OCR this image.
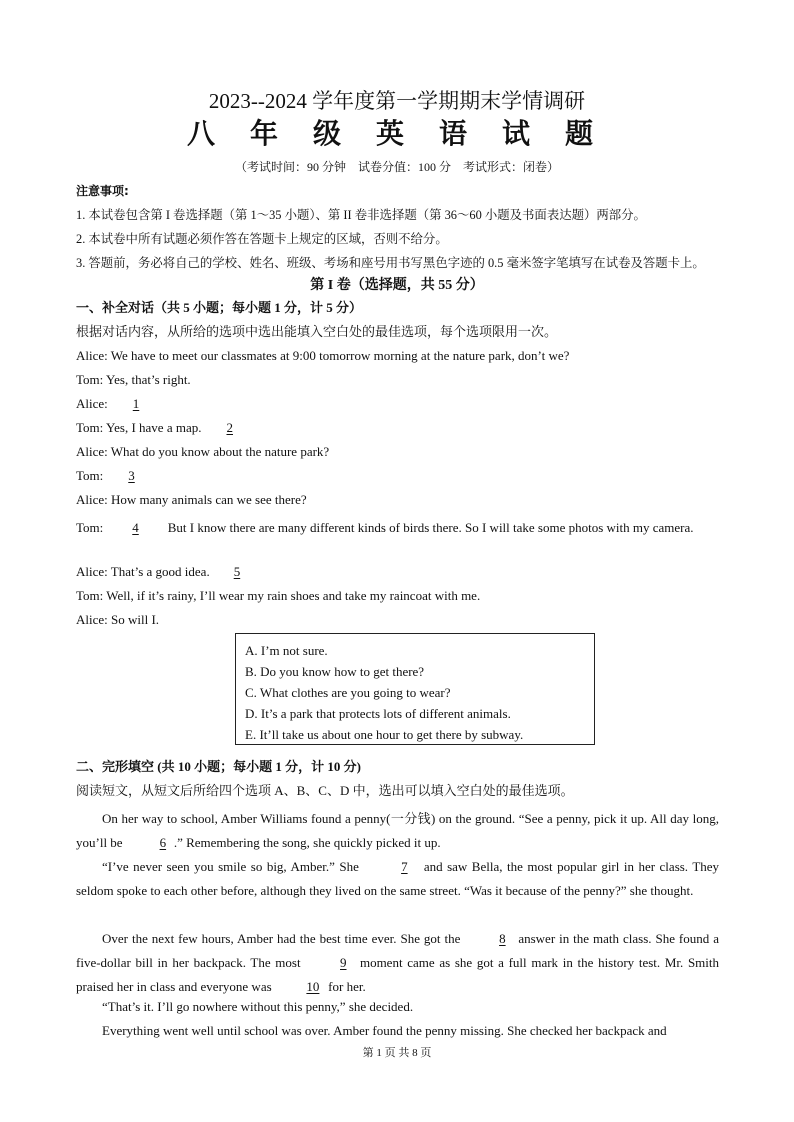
2023--2024 学年度第一学期期末学情调研
八 年 级 英 语 试 题
（考试时间：90 分钟　试卷分值：100 分　考试形式：闭卷）
注意事项:
1. 本试卷包含第 I 卷选择题（第 1～35 小题）、第 II 卷非选择题（第 36～60 小题及书面表达题）两部分。
2. 本试卷中所有试题必须作答在答题卡上规定的区域，否则不给分。
3. 答题前，务必将自己的学校、姓名、班级、考场和座号用书写黑色字迹的 0.5 毫米签字笔填写在试卷及答题卡上。
第 I 卷（选择题，共 55 分）
一、补全对话（共 5 小题；每小题 1 分，计 5 分）
根据对话内容，从所给的选项中选出能填入空白处的最佳选项，每个选项限用一次。
Alice: We have to meet our classmates at 9:00 tomorrow morning at the nature park, don’t we?
Tom: Yes, that’s right.
Alice: 1
Tom: Yes, I have a map. 2
Alice: What do you know about the nature park?
Tom: 3
Alice: How many animals can we see there?
Tom: 4 But I know there are many different kinds of birds there. So I will take some photos with my camera.
Alice: That’s a good idea. 5
Tom: Well, if it’s rainy, I’ll wear my rain shoes and take my raincoat with me.
Alice: So will I.
A. I’m not sure.
B. Do you know how to get there?
C. What clothes are you going to wear?
D. It’s a park that protects lots of different animals.
E. It’ll take us about one hour to get there by subway.
二、完形填空 (共 10 小题；每小题 1 分，计 10 分)
阅读短文，从短文后所给四个选项 A、B、C、D 中，选出可以填入空白处的最佳选项。
On her way to school, Amber Williams found a penny(一分钱) on the ground. “See a penny, pick it up. All day long, you’ll be	6 .” Remembering the song, she quickly picked it up.
“I’ve never seen you smile so big, Amber.” She	7 and saw Bella, the most popular girl in her class. They seldom spoke to each other before, although they lived on the same street. “Was it because of the penny?” she thought.
Over the next few hours, Amber had the best time ever. She got the	8 answer in the math class. She found a five-dollar bill in her backpack. The most	9 moment came as she got a full mark in the history test. Mr. Smith praised her in class and everyone was	10 for her.
“That’s it. I’ll go nowhere without this penny,” she decided.
Everything went well until school was over. Amber found the penny missing. She checked her backpack and
第 1 页 共 8 页
